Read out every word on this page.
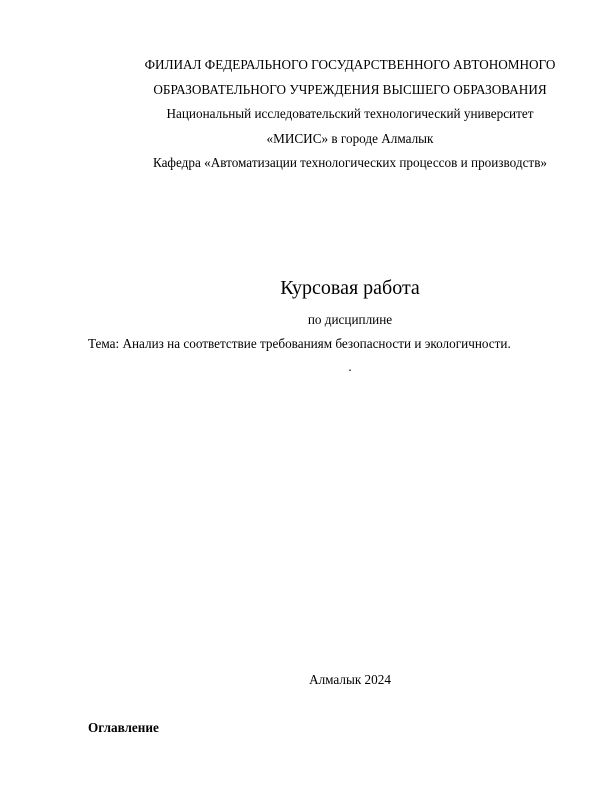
ФИЛИАЛ ФЕДЕРАЛЬНОГО ГОСУДАРСТВЕННОГО АВТОНОМНОГО
ОБРАЗОВАТЕЛЬНОГО УЧРЕЖДЕНИЯ ВЫСШЕГО ОБРАЗОВАНИЯ
Национальный исследовательский технологический университет
«МИСИС» в городе Алмалык
Кафедра «Автоматизации технологических процессов и производств»
Курсовая работа
по дисциплине
Тема: Анализ на соответствие требованиям безопасности и экологичности.
.
Алмалык 2024
Оглавление
